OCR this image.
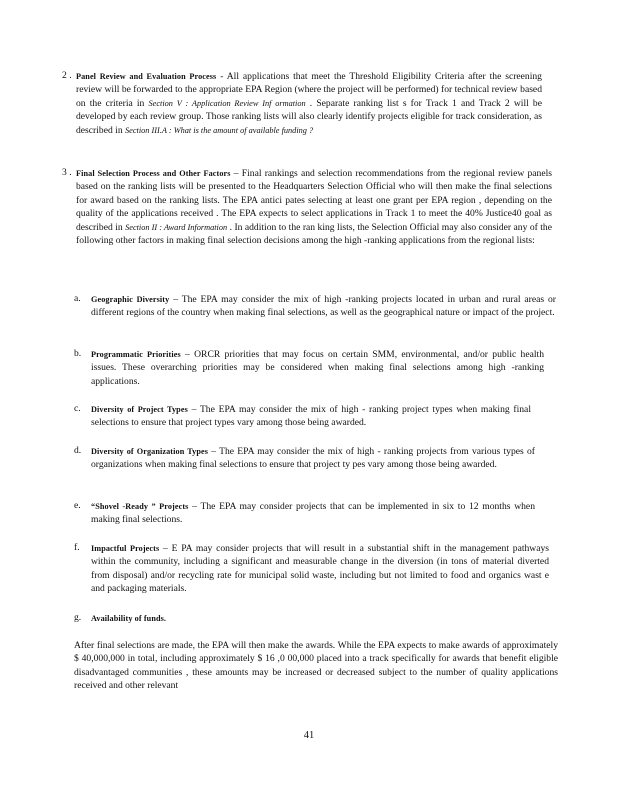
2 . Panel Review and Evaluation Process - All applications that meet the Threshold Eligibility Criteria after the screening review will be forwarded to the appropriate EPA Region (where the project will be performed) for technical review based on the criteria in Section V : Application Review Inf ormation . Separate ranking list s for Track 1 and Track 2 will be developed by each review group. Those ranking lists will also clearly identify projects eligible for track consideration, as described in Section III.A : What is the amount of available funding ?

3 . Final Selection Process and Other Factors – Final rankings and selection recommendations from the regional review panels based on the ranking lists will be presented to the Headquarters Selection Official who will then make the final selections for award based on the ranking lists. The EPA antici pates selecting at least one grant per EPA region , depending on the quality of the applications received . The EPA expects to select applications in Track 1 to meet the 40% Justice40 goal as described in Section II : Award Information . In addition to the ran king lists, the Selection Official may also consider any of the following other factors in making final selection decisions among the high -ranking applications from the regional lists:

a. Geographic Diversity – The EPA may consider the mix of high -ranking projects located in urban and rural areas or different regions of the country when making final selections, as well as the geographical nature or impact of the project.

b. Programmatic Priorities – ORCR priorities that may focus on certain SMM, environmental, and/or public health issues. These overarching priorities may be considered when making final selections among high -ranking applications.

c. Diversity of Project Types – The EPA may consider the mix of high - ranking project types when making final selections to ensure that project types vary among those being awarded.

d. Diversity of Organization Types – The EPA may consider the mix of high - ranking projects from various types of organizations when making final selections to ensure that project ty pes vary among those being awarded.

e. “Shovel -Ready ” Projects – The EPA may consider projects that can be implemented in six to 12 months when making final selections.

f. Impactful Projects – E PA may consider projects that will result in a substantial shift in the management pathways within the community, including a significant and measurable change in the diversion (in tons of material diverted from disposal) and/or recycling rate for municipal solid waste, including but not limited to food and organics wast e and packaging materials.

g. Availability of funds.

After final selections are made, the EPA will then make the awards. While the EPA expects to make awards of approximately $ 40,000,000 in total, including approximately $ 16 ,0 00,000 placed into a track specifically for awards that benefit eligible disadvantaged communities , these amounts may be increased or decreased subject to the number of quality applications received and other relevant
41
